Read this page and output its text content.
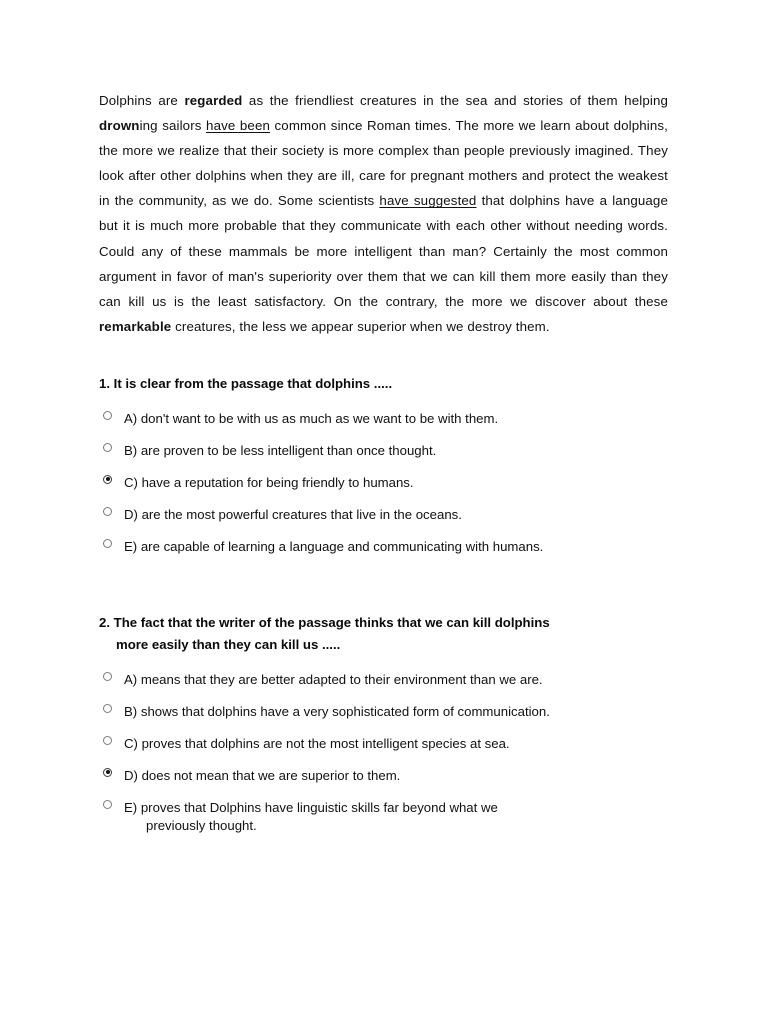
Dolphins are regarded as the friendliest creatures in the sea and stories of them helping drowning sailors have been common since Roman times. The more we learn about dolphins, the more we realize that their society is more complex than people previously imagined. They look after other dolphins when they are ill, care for pregnant mothers and protect the weakest in the community, as we do. Some scientists have suggested that dolphins have a language but it is much more probable that they communicate with each other without needing words. Could any of these mammals be more intelligent than man? Certainly the most common argument in favor of man's superiority over them that we can kill them more easily than they can kill us is the least satisfactory. On the contrary, the more we discover about these remarkable creatures, the less we appear superior when we destroy them.

1. It is clear from the passage that dolphins .....
A) don't want to be with us as much as we want to be with them.
B) are proven to be less intelligent than once thought.
C) have a reputation for being friendly to humans.
D) are the most powerful creatures that live in the oceans.
E) are capable of learning a language and communicating with humans.
2. The fact that the writer of the passage thinks that we can kill dolphins
more easily than they can kill us .....
A) means that they are better adapted to their environment than we are.
B) shows that dolphins have a very sophisticated form of communication.
C) proves that dolphins are not the most intelligent species at sea.
D) does not mean that we are superior to them.
E) proves that Dolphins have linguistic skills far beyond what we
previously thought.
